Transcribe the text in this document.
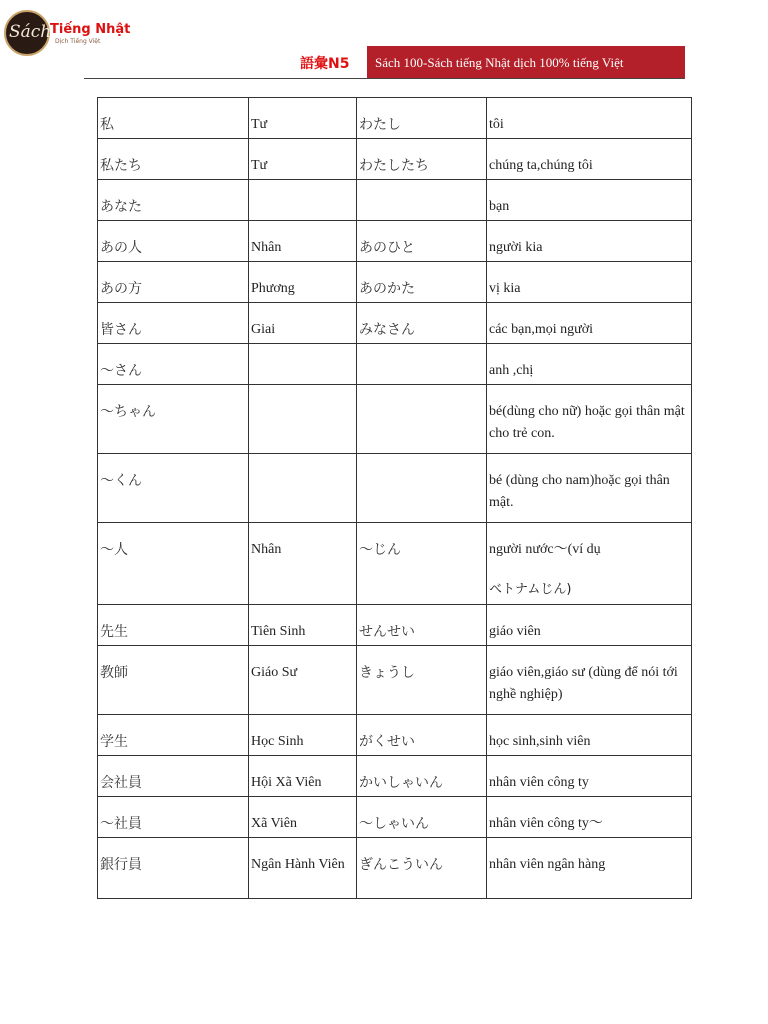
Sách
Tiếng Nhật
Dịch Tiếng Việt
語彙N5	Sách 100-Sách tiếng Nhật dịch 100% tiếng Việt
私	Tư	わたし	tôi
私たち	Tư	わたしたち	chúng ta,chúng tôi
あなた			bạn
あの人	Nhân	あのひと	người kia
あの方	Phương	あのかた	vị kia
皆さん	Giai	みなさん	các bạn,mọi người
～さん			anh ,chị
～ちゃん			bé(dùng cho nữ) hoặc gọi thân mật cho trẻ con.
～くん			bé (dùng cho nam)hoặc gọi thân mật.
～人	Nhân	～じん	người nước～(ví dụ
ベトナムじん)
先生	Tiên Sinh	せんせい	giáo viên
教師	Giáo Sư	きょうし	giáo viên,giáo sư (dùng để nói tới nghề nghiệp)
学生	Học Sinh	がくせい	học sinh,sinh viên
会社員	Hội Xã Viên	かいしゃいん	nhân viên công ty
～社員	Xã Viên	～しゃいん	nhân viên công ty～
銀行員	Ngân Hành Viên	ぎんこういん	nhân viên ngân hàng
